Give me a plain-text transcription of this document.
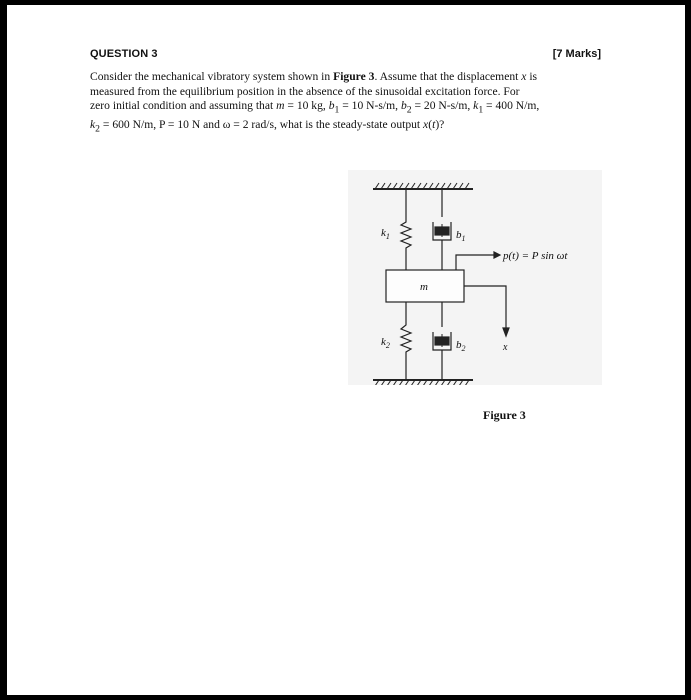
QUESTION 3	[7 Marks]

Consider the mechanical vibratory system shown in Figure 3. Assume that the displacement x is

measured from the equilibrium position in the absence of the sinusoidal excitation force. For

zero initial condition and assuming that m = 10 kg, $b_1 = 10$ N-s/m, $b_2 = 20$ N-s/m, $k_1 = 400$ N/m,

$k_2 = 600$ N/m, P = 10 N and ω = 2 rad/s, what is the steady-state output x(t)?

$k_1$	$b_1$
m
p(t) = P sin ωt
$k_2$	$b_2$	x
Figure 3
